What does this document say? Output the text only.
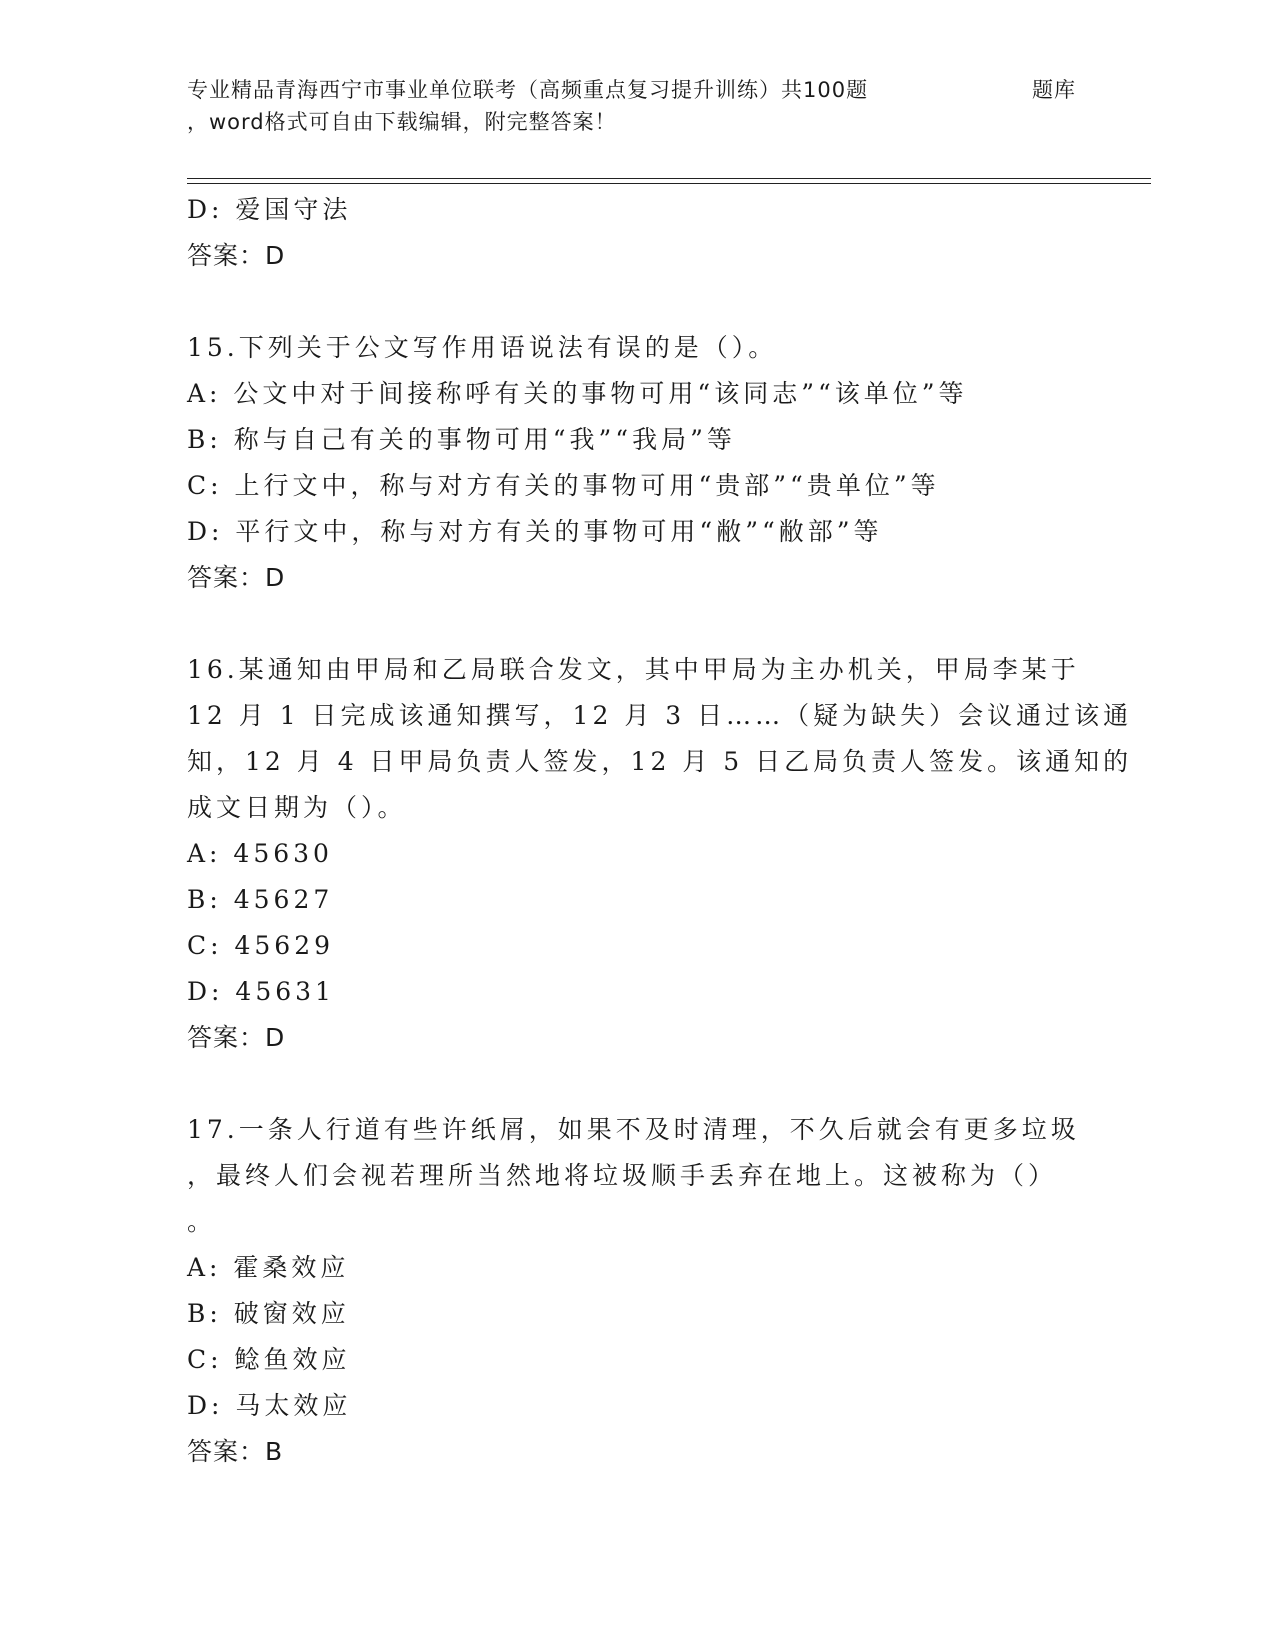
专业精品青海西宁市事业单位联考（高频重点复习提升训练）共100题	题库
，word格式可自由下载编辑，附完整答案！
D: 爱国守法
答案：D
15.下列关于公文写作用语说法有误的是（）。
A: 公文中对于间接称呼有关的事物可用“该同志”“该单位”等
B: 称与自己有关的事物可用“我”“我局”等
C: 上行文中，称与对方有关的事物可用“贵部”“贵单位”等
D: 平行文中，称与对方有关的事物可用“敝”“敝部”等
答案：D
16.某通知由甲局和乙局联合发文，其中甲局为主办机关，甲局李某于
12 月 1 日完成该通知撰写，12 月 3 日……（疑为缺失）会议通过该通
知，12 月 4 日甲局负责人签发，12 月 5 日乙局负责人签发。该通知的
成文日期为（）。
A: 45630
B: 45627
C: 45629
D: 45631
答案：D
17.一条人行道有些许纸屑，如果不及时清理，不久后就会有更多垃圾
，最终人们会视若理所当然地将垃圾顺手丢弃在地上。这被称为（）
。
A: 霍桑效应
B: 破窗效应
C: 鲶鱼效应
D: 马太效应
答案：B
